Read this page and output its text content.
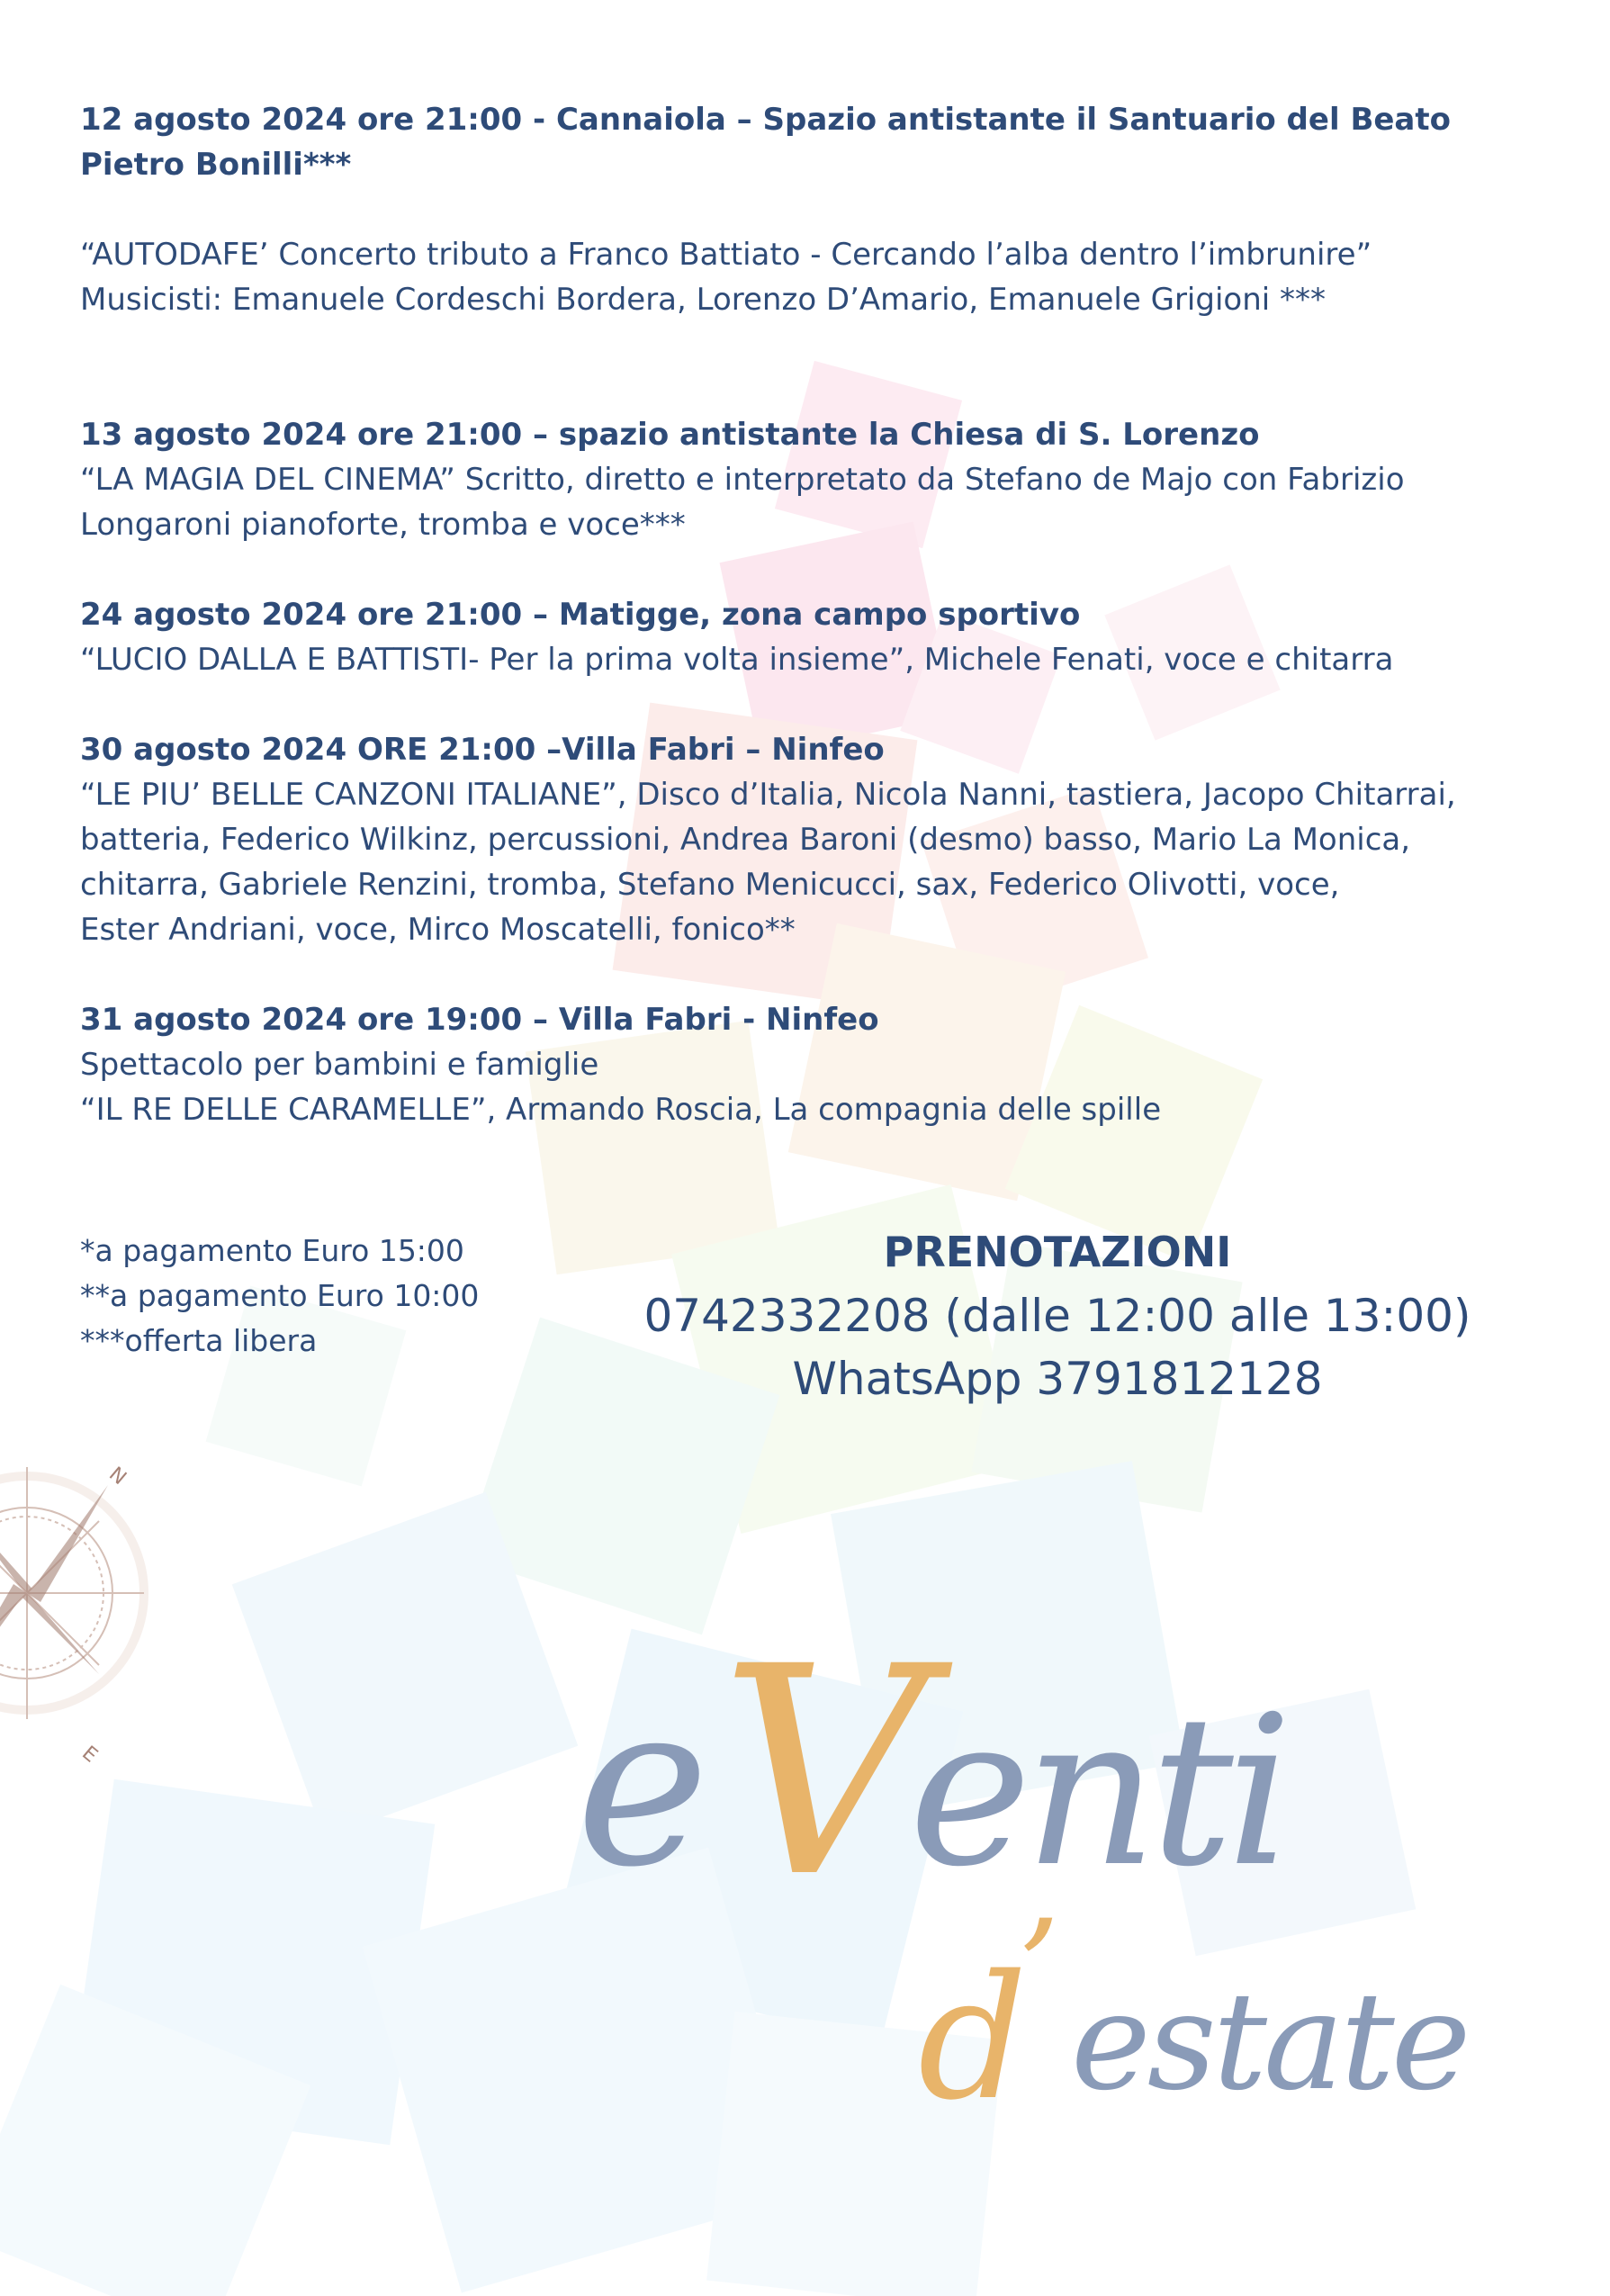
N
E
12 agosto 2024 ore 21:00 - Cannaiola – Spazio antistante il Santuario del Beato
Pietro Bonilli***
“AUTODAFE’ Concerto tributo a Franco Battiato - Cercando l’alba dentro l’imbrunire”
Musicisti: Emanuele Cordeschi Bordera, Lorenzo D’Amario, Emanuele Grigioni ***
13 agosto 2024 ore 21:00 – spazio antistante la Chiesa di S. Lorenzo
“LA MAGIA DEL CINEMA” Scritto, diretto e interpretato da Stefano de Majo con Fabrizio
Longaroni pianoforte, tromba e voce***
24 agosto 2024 ore 21:00 – Matigge, zona campo sportivo
“LUCIO DALLA E BATTISTI- Per la prima volta insieme”, Michele Fenati, voce e chitarra
30 agosto 2024 ORE 21:00 –Villa Fabri – Ninfeo
“LE PIU’ BELLE CANZONI ITALIANE”, Disco d’Italia, Nicola Nanni, tastiera, Jacopo Chitarrai,
batteria, Federico Wilkinz, percussioni, Andrea Baroni (desmo) basso, Mario La Monica,
chitarra, Gabriele Renzini, tromba, Stefano Menicucci, sax, Federico Olivotti, voce,
Ester Andriani, voce, Mirco Moscatelli, fonico**
31 agosto 2024 ore 19:00 – Villa Fabri - Ninfeo
Spettacolo per bambini e famiglie
“IL RE DELLE CARAMELLE”, Armando Roscia, La compagnia delle spille
*a pagamento Euro 15:00
**a pagamento Euro 10:00
***offerta libera
PRENOTAZIONI
0742332208 (dalle 12:00 alle 13:00)
WhatsApp 3791812128
e V
enti
d
’ estate
